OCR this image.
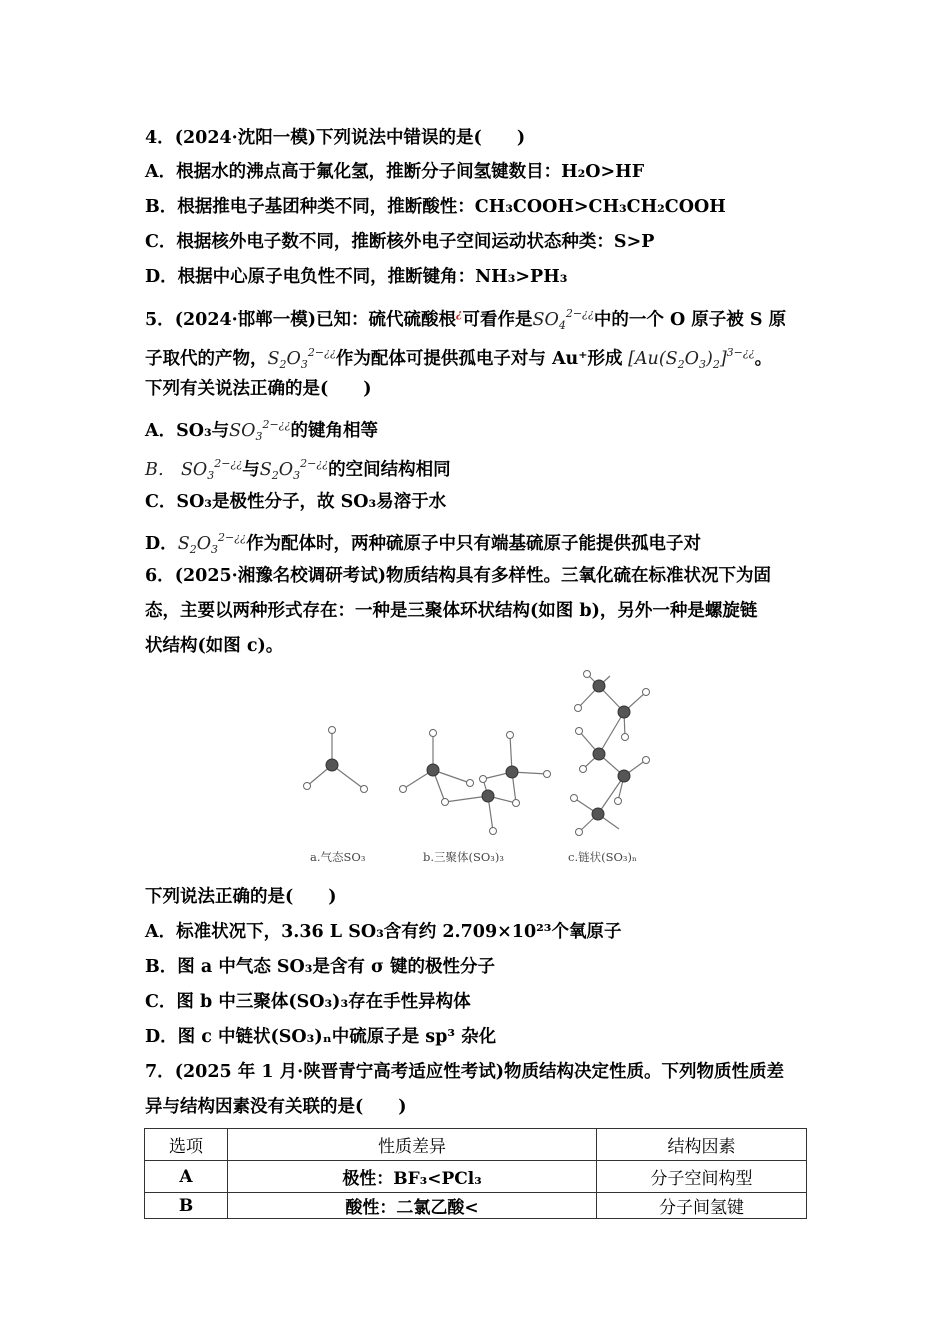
4．(2024·沈阳一模)下列说法中错误的是(　　)
A．根据水的沸点高于氟化氢，推断分子间氢键数目：H₂O>HF
B．根据推电子基团种类不同，推断酸性：CH₃COOH>CH₃CH₂COOH
C．根据核外电子数不同，推断核外电子空间运动状态种类：S>P
D．根据中心原子电负性不同，推断键角：NH₃>PH₃
5．(2024·邯郸一模)已知：硫代硫酸根¿可看作是$SO_4^{2-¿¿}$中的一个 O 原子被 S 原
子取代的产物，$S_2O_3^{2-¿¿}$作为配体可提供孤电子对与 Au⁺形成 $[Au(S_2O_3)_2]^{3-¿¿}$。
下列有关说法正确的是(　　)
A．SO₃与$SO_3^{2-¿¿}$的键角相等
B． $SO_3^{2-¿¿}$与$S_2O_3^{2-¿¿}$的空间结构相同
C．SO₃是极性分子，故 SO₃易溶于水
D．$S_2O_3^{2-¿¿}$作为配体时，两种硫原子中只有端基硫原子能提供孤电子对
6．(2025·湘豫名校调研考试)物质结构具有多样性。三氧化硫在标准状况下为固
态，主要以两种形式存在：一种是三聚体环状结构(如图 b)，另外一种是螺旋链
状结构(如图 c)。
a.气态SO₃	b.三聚体(SO₃)₃	c.链状(SO₃)ₙ
下列说法正确的是(　　)
A．标准状况下，3.36 L SO₃含有约 2.709×10²³个氧原子
B．图 a 中气态 SO₃是含有 σ 键的极性分子
C．图 b 中三聚体(SO₃)₃存在手性异构体
D．图 c 中链状(SO₃)ₙ中硫原子是 sp³ 杂化
7．(2025 年 1 月·陕晋青宁高考适应性考试)物质结构决定性质。下列物质性质差
异与结构因素没有关联的是(　　)
选项	性质差异	结构因素
A	极性：BF₃<PCl₃	分子空间构型
B	酸性：二氯乙酸<	分子间氢键
